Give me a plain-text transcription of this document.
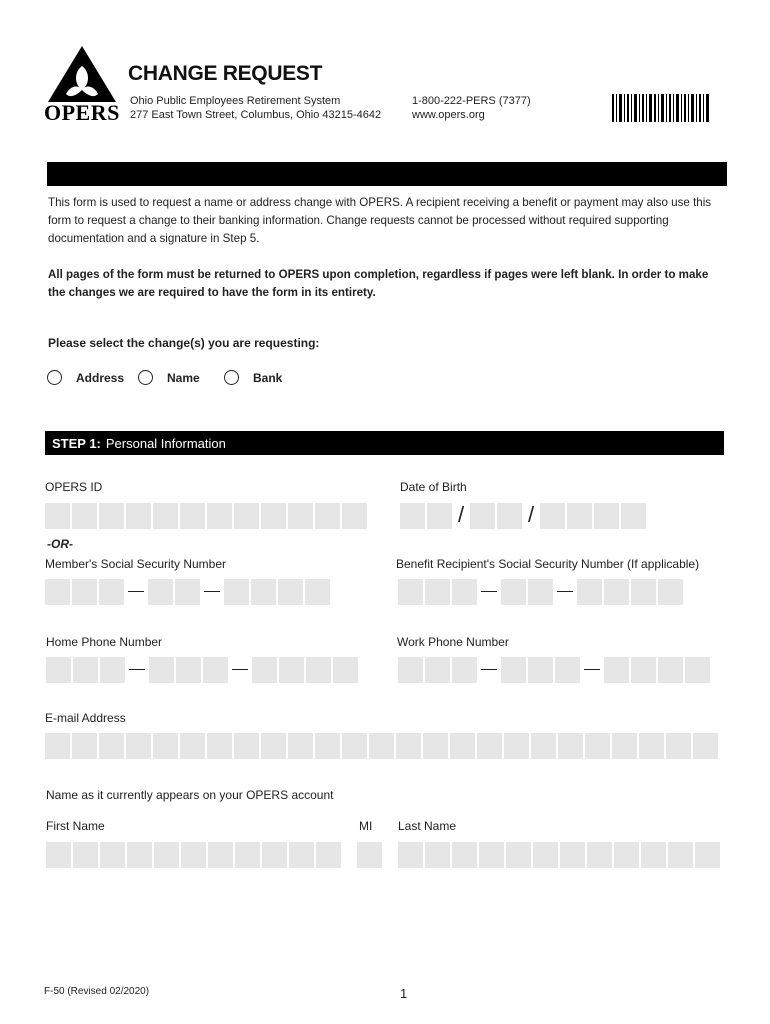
OPERS
CHANGE REQUEST
Ohio Public Employees Retirement System
277 East Town Street, Columbus, Ohio 43215-4642
1-800-222-PERS (7377)
www.opers.org
This form is used to request a name or address change with OPERS. A recipient receiving a benefit or payment may also use this form to request a change to their banking information. Change requests cannot be processed without required supporting documentation and a signature in Step 5.
All pages of the form must be returned to OPERS upon completion, regardless if pages were left blank. In order to make the changes we are required to have the form in its entirety.
Please select the change(s) you are requesting:
Address	Name	Bank
STEP 1: Personal Information
OPERS ID	Date of Birth
/	/
-OR-
Member's Social Security Number	Benefit Recipient's Social Security Number (If applicable)
Home Phone Number	Work Phone Number
E-mail Address
Name as it currently appears on your OPERS account
First Name	MI Last Name
F-50 (Revised 02/2020)	1
